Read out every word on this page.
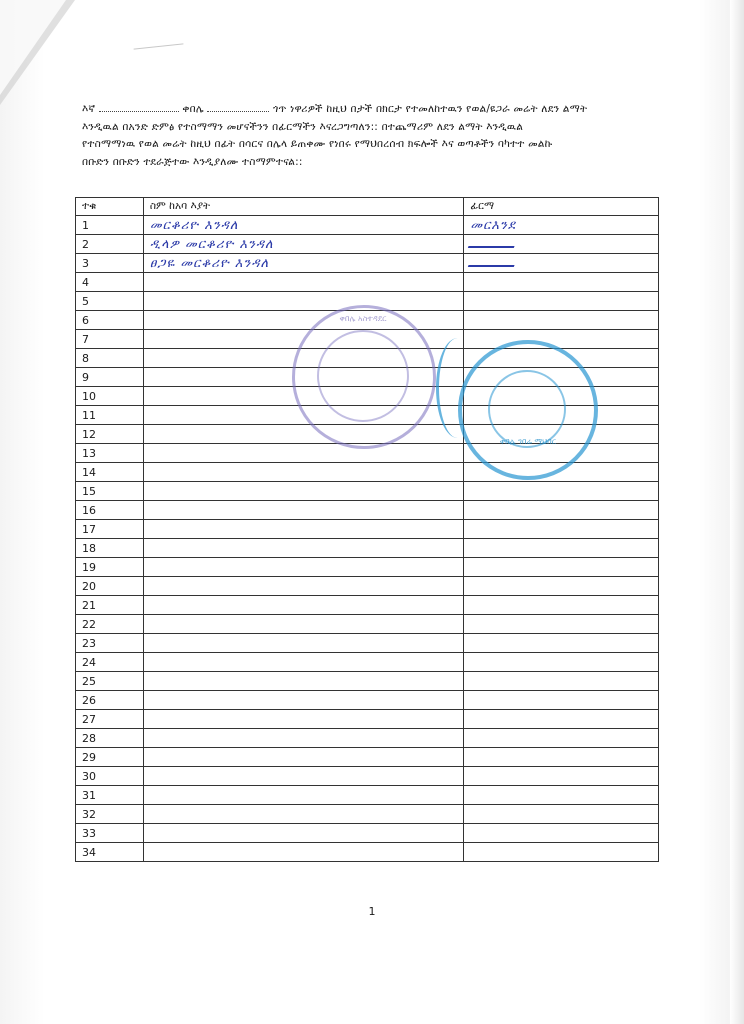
እኛ	ቀበሌ	ጎጥ ነዋሪዎች ከዚህ በታች በክርታ የተመለከተዉን የወል/ዩጋራ መሬት ለደን ልማት
እንዲዉል በአንድ ድምፅ የተስማማን መሆናችንን በፊርማችን እናረጋግጣለን:: በተጨማሪም ለደን ልማት እንዲዉል
የተስማማነዉ የወል መሬት ከዚህ በፊት በሳርና በሌላ ይጠቀሙ የነበሩ የማህበረሰብ ክፍሎች እና ወጣቶችን ባካተተ መልኩ
በቡድን በቡድን ተደራጅተው እንዲያለሙ ተስማምተናል::
ተቁ	ስም ከአባ እያት	ፊርማ
1	መርቆሪዮ እንዳለ	መርእንደ
2	ዲላዎ መርቆሪዮ እንዳለ	
3	ፀጋዬ መርቆሪዮ እንዳለ	
4		
5		
6		
7		
8		
9		
10		
11		
12		
13		
14		
15		
16		
17		
18		
19		
20		
21		
22		
23		
24		
25		
26		
27		
28		
29		
30		
31		
32		
33		
34		
ቀበሌ አስተዳደር
ቀበሌ ገበሬ ማህበር
1
